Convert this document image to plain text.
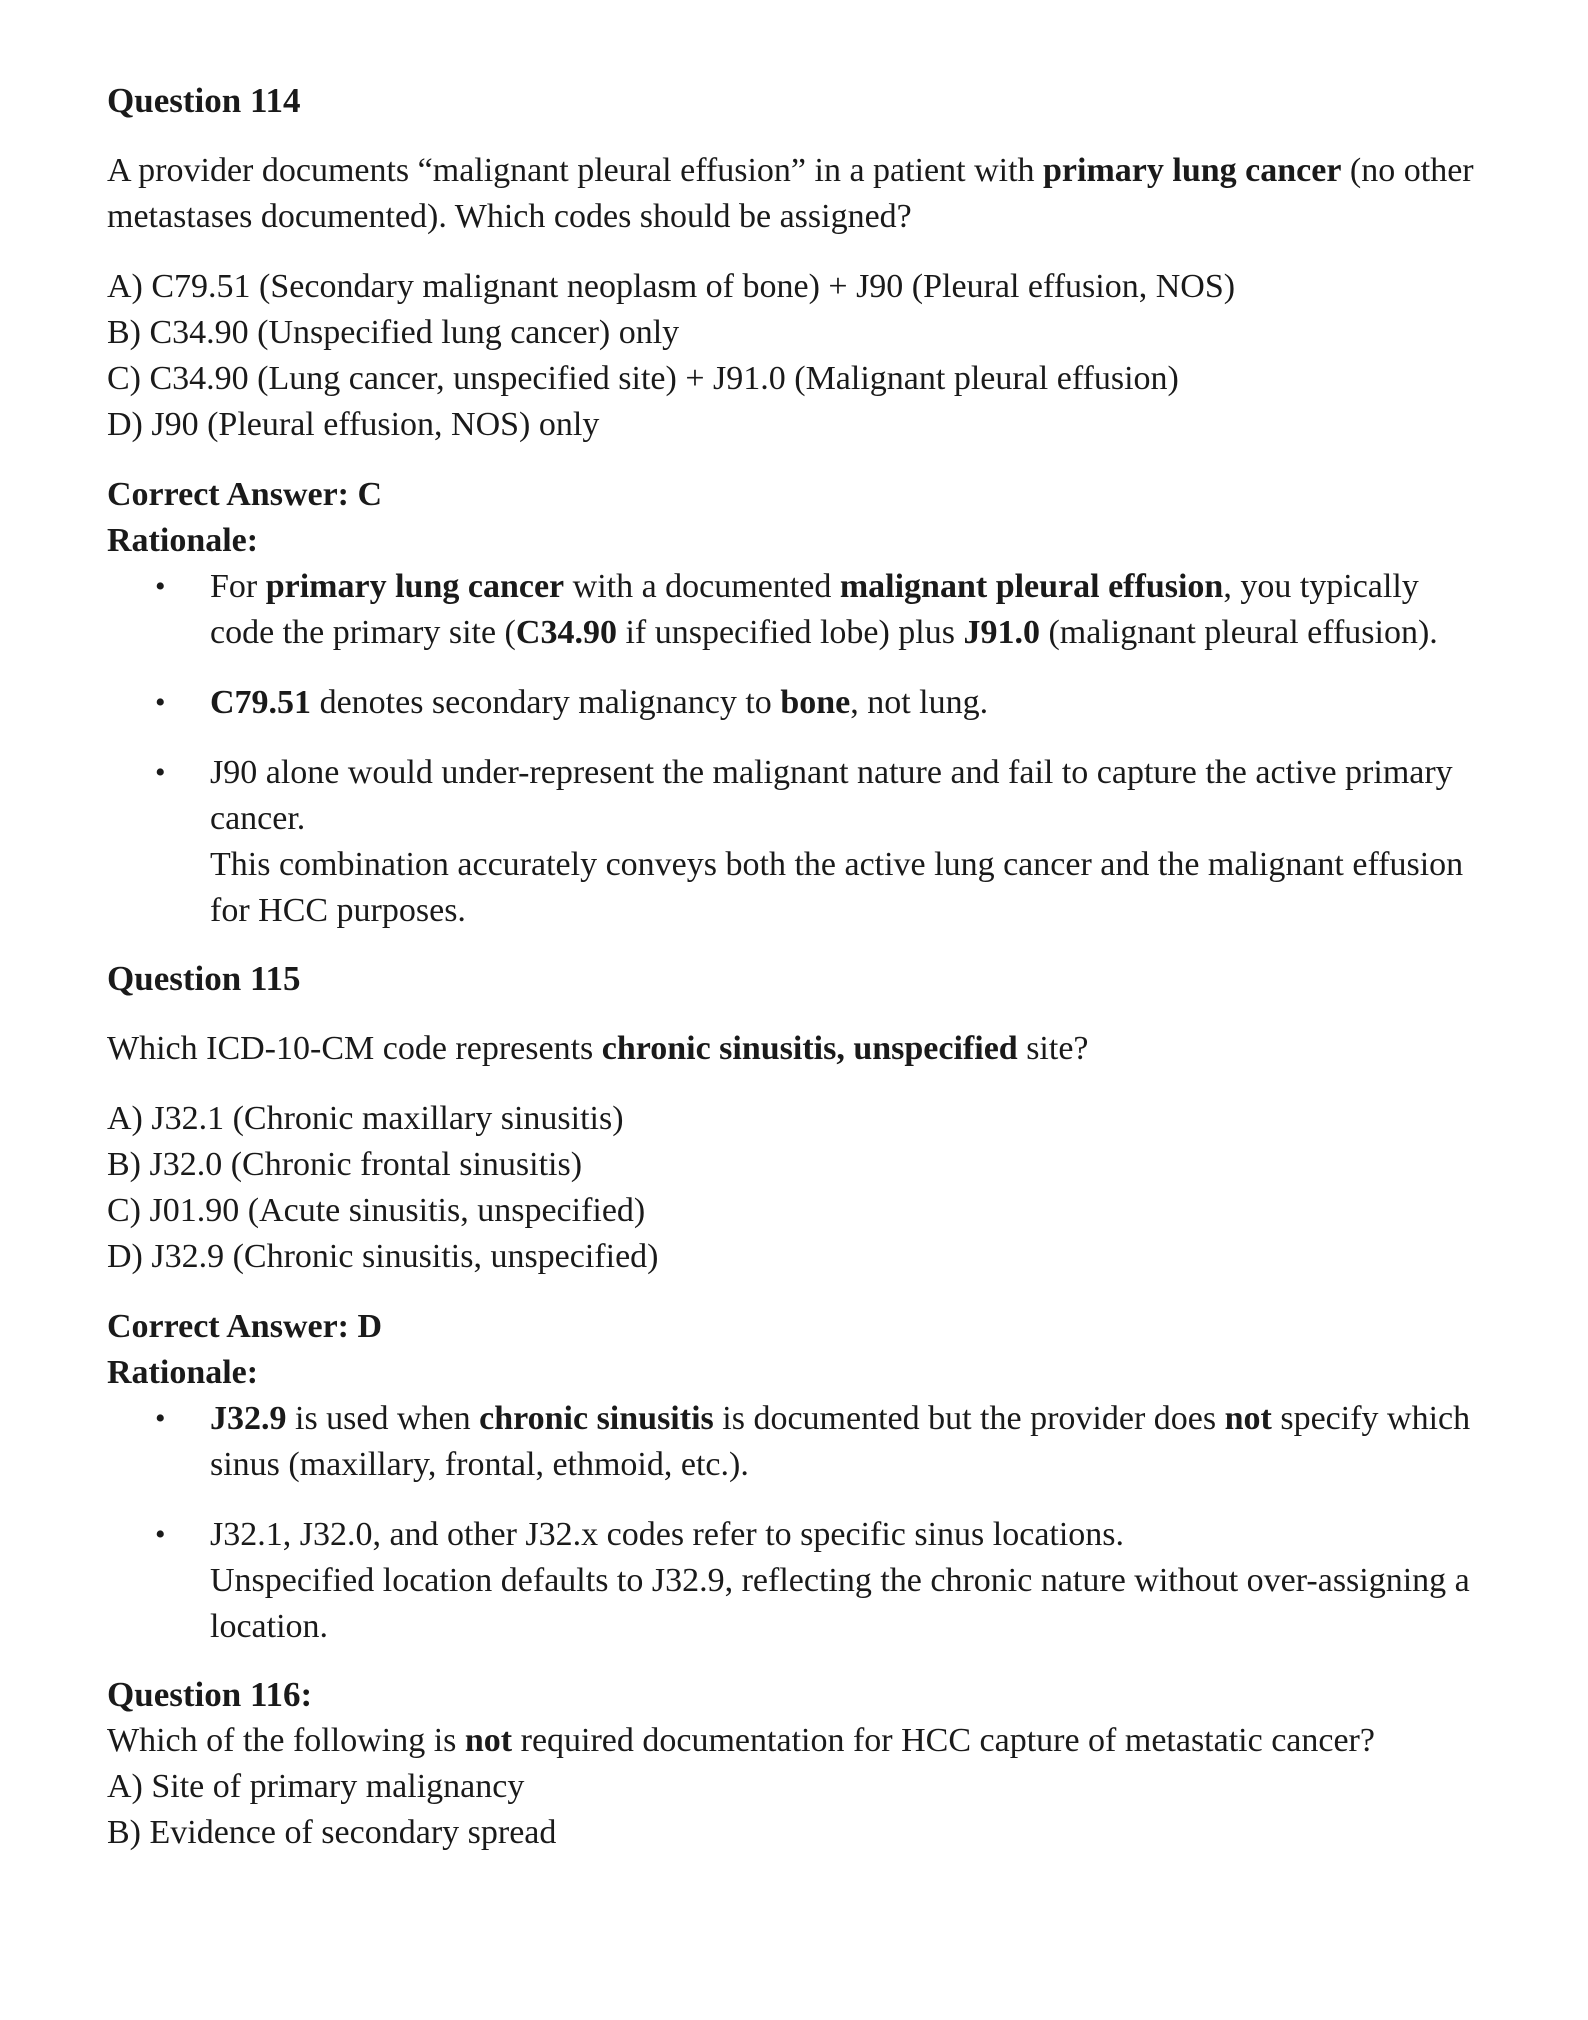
Question 114
A provider documents “malignant pleural effusion” in a patient with primary lung cancer (no other metastases documented). Which codes should be assigned?
A) C79.51 (Secondary malignant neoplasm of bone) + J90 (Pleural effusion, NOS)
B) C34.90 (Unspecified lung cancer) only
C) C34.90 (Lung cancer, unspecified site) + J91.0 (Malignant pleural effusion)
D) J90 (Pleural effusion, NOS) only
Correct Answer: C
Rationale:
• For primary lung cancer with a documented malignant pleural effusion, you typically code the primary site (C34.90 if unspecified lobe) plus J91.0 (malignant pleural effusion).
• C79.51 denotes secondary malignancy to bone, not lung.
• J90 alone would under-represent the malignant nature and fail to capture the active primary cancer.
This combination accurately conveys both the active lung cancer and the malignant effusion for HCC purposes.
Question 115
Which ICD-10-CM code represents chronic sinusitis, unspecified site?
A) J32.1 (Chronic maxillary sinusitis)
B) J32.0 (Chronic frontal sinusitis)
C) J01.90 (Acute sinusitis, unspecified)
D) J32.9 (Chronic sinusitis, unspecified)
Correct Answer: D
Rationale:
• J32.9 is used when chronic sinusitis is documented but the provider does not specify which sinus (maxillary, frontal, ethmoid, etc.).
• J32.1, J32.0, and other J32.x codes refer to specific sinus locations.
Unspecified location defaults to J32.9, reflecting the chronic nature without over-assigning a location.
Question 116:
Which of the following is not required documentation for HCC capture of metastatic cancer?
A) Site of primary malignancy
B) Evidence of secondary spread
